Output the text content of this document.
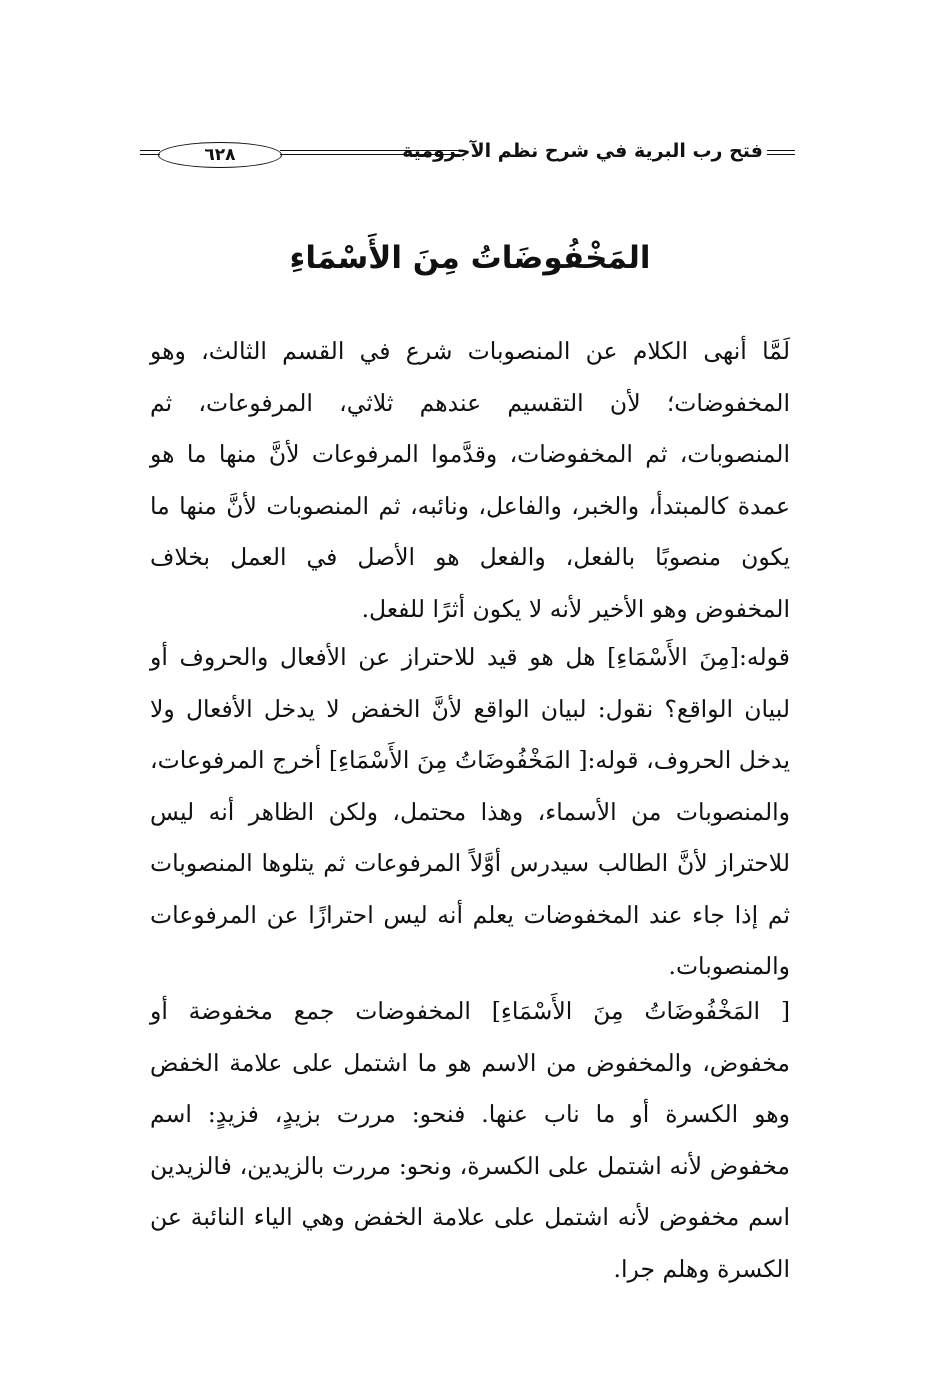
فتح رب البرية في شرح نظم الآجرومية
٦٢٨
المَخْفُوضَاتُ مِنَ الأَسْمَاءِ

لَمَّا أنهى الكلام عن المنصوبات شرع في القسم الثالث، وهو المخفوضات؛ لأن التقسيم عندهم ثلاثي، المرفوعات، ثم المنصوبات، ثم المخفوضات، وقدَّموا المرفوعات لأنَّ منها ما هو عمدة كالمبتدأ، والخبر، والفاعل، ونائبه، ثم المنصوبات لأنَّ منها ما يكون منصوبًا بالفعل، والفعل هو الأصل في العمل بخلاف المخفوض وهو الأخير لأنه لا يكون أثرًا للفعل.

قوله:[مِنَ الأَسْمَاءِ] هل هو قيد للاحتراز عن الأفعال والحروف أو لبيان الواقع؟ نقول: لبيان الواقع لأنَّ الخفض لا يدخل الأفعال ولا يدخل الحروف، قوله:[ المَخْفُوضَاتُ مِنَ الأَسْمَاءِ] أخرج المرفوعات، والمنصوبات من الأسماء، وهذا محتمل، ولكن الظاهر أنه ليس للاحتراز لأنَّ الطالب سيدرس أوَّلاً المرفوعات ثم يتلوها المنصوبات ثم إذا جاء عند المخفوضات يعلم أنه ليس احترازًا عن المرفوعات والمنصوبات.

[ المَخْفُوضَاتُ مِنَ الأَسْمَاءِ] المخفوضات جمع مخفوضة أو مخفوض، والمخفوض من الاسم هو ما اشتمل على علامة الخفض وهو الكسرة أو ما ناب عنها. فنحو: مررت بزيدٍ، فزيدٍ: اسم مخفوض لأنه اشتمل على الكسرة، ونحو: مررت بالزيدين، فالزيدين اسم مخفوض لأنه اشتمل على علامة الخفض وهي الياء النائبة عن الكسرة وهلم جرا.
